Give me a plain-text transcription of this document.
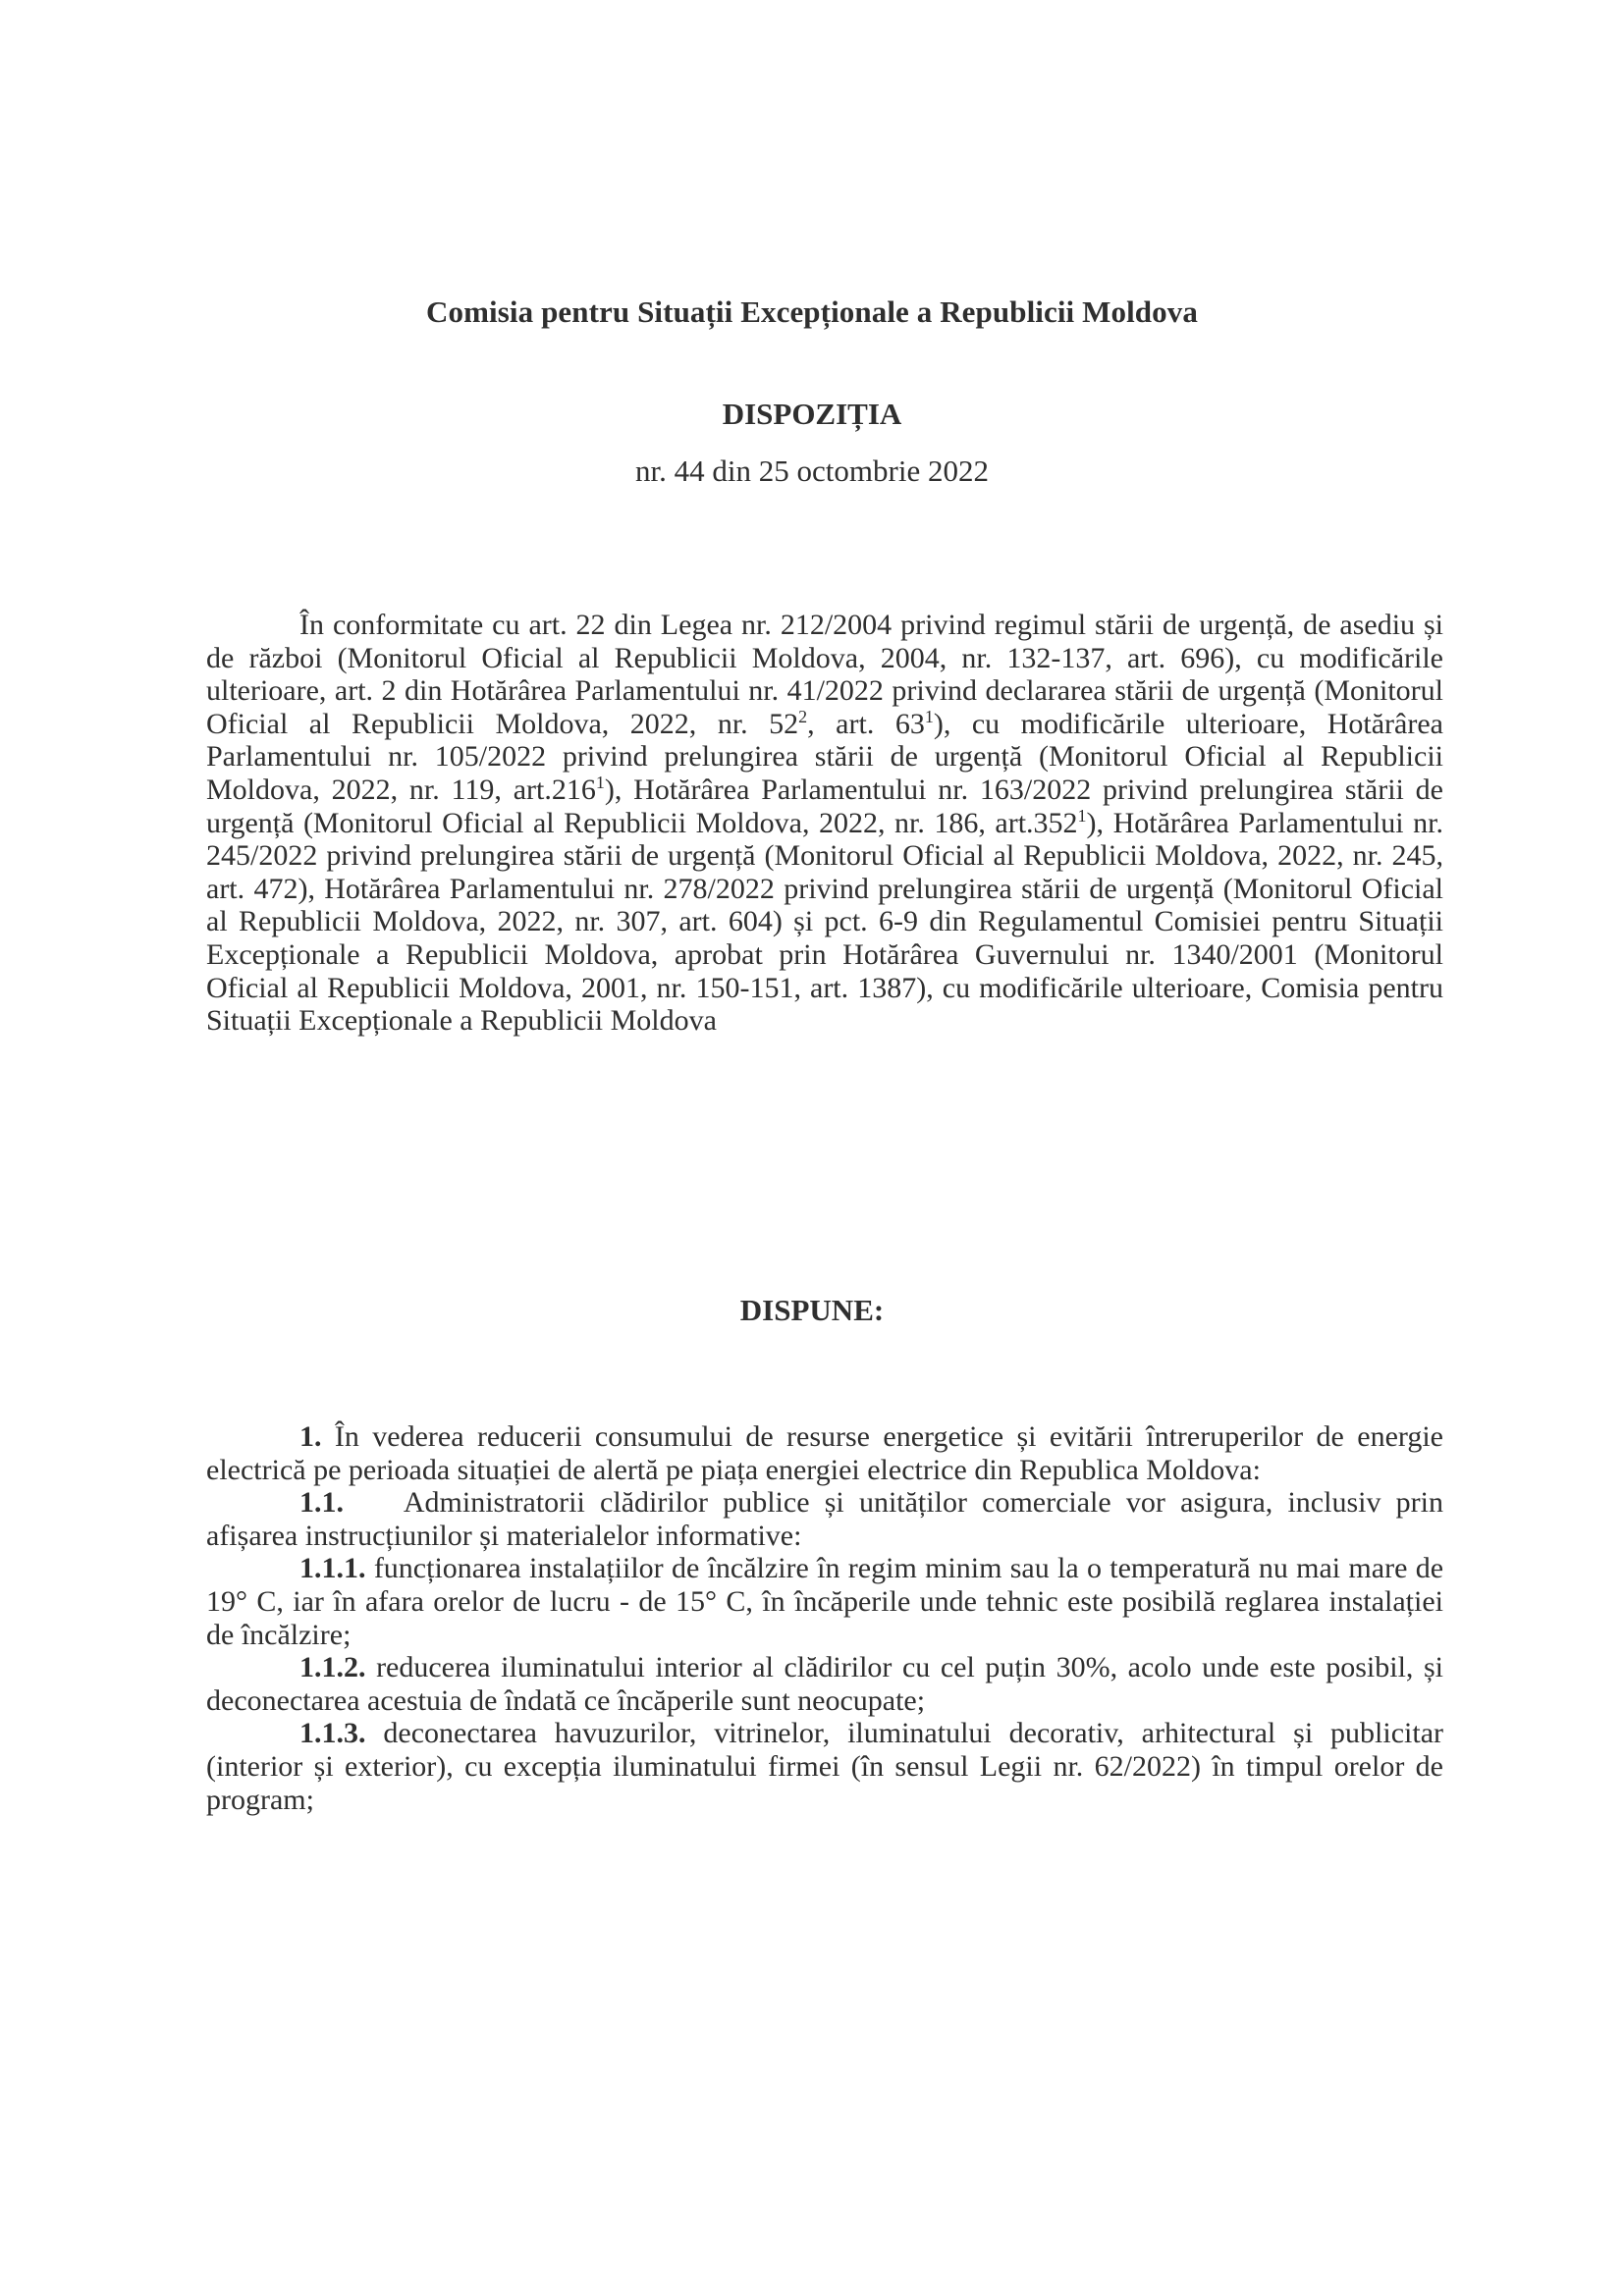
Comisia pentru Situații Excepționale a Republicii Moldova
DISPOZIȚIA
nr. 44 din 25 octombrie 2022

În conformitate cu art. 22 din Legea nr. 212/2004 privind regimul stării de urgență, de asediu și de război (Monitorul Oficial al Republicii Moldova, 2004, nr. 132-137, art. 696), cu modificările ulterioare, art. 2 din Hotărârea Parlamentului nr. 41/2022 privind declararea stării de urgență (Monitorul Oficial al Republicii Moldova, 2022, nr. $52^2$, art. $63^1$), cu modificările ulterioare, Hotărârea Parlamentului nr. 105/2022 privind prelungirea stării de urgență (Monitorul Oficial al Republicii Moldova, 2022, nr. 119, art.216$^1$), Hotărârea Parlamentului nr. 163/2022 privind prelungirea stării de urgență (Monitorul Oficial al Republicii Moldova, 2022, nr. 186, art.352$^1$), Hotărârea Parlamentului nr. 245/2022 privind prelungirea stării de urgență (Monitorul Oficial al Republicii Moldova, 2022, nr. 245, art. 472), Hotărârea Parlamentului nr. 278/2022 privind prelungirea stării de urgență (Monitorul Oficial al Republicii Moldova, 2022, nr. 307, art. 604) și pct. 6-9 din Regulamentul Comisiei pentru Situații Excepționale a Republicii Moldova, aprobat prin Hotărârea Guvernului nr. 1340/2001 (Monitorul Oficial al Republicii Moldova, 2001, nr. 150-151, art. 1387), cu modificările ulterioare, Comisia pentru Situații Excepționale a Republicii Moldova

DISPUNE:

1. În vederea reducerii consumului de resurse energetice și evitării întreruperilor de energie electrică pe perioada situației de alertă pe piața energiei electrice din Republica Moldova:

1.1. Administratorii clădirilor publice și unităților comerciale vor asigura, inclusiv prin afișarea instrucțiunilor și materialelor informative:

1.1.1. funcționarea instalațiilor de încălzire în regim minim sau la o temperatură nu mai mare de 19° C, iar în afara orelor de lucru - de 15° C, în încăperile unde tehnic este posibilă reglarea instalației de încălzire;

1.1.2. reducerea iluminatului interior al clădirilor cu cel puțin 30%, acolo unde este posibil, și deconectarea acestuia de îndată ce încăperile sunt neocupate;

1.1.3. deconectarea havuzurilor, vitrinelor, iluminatului decorativ, arhitectural și publicitar (interior și exterior), cu excepția iluminatului firmei (în sensul Legii nr. 62/2022) în timpul orelor de program;
